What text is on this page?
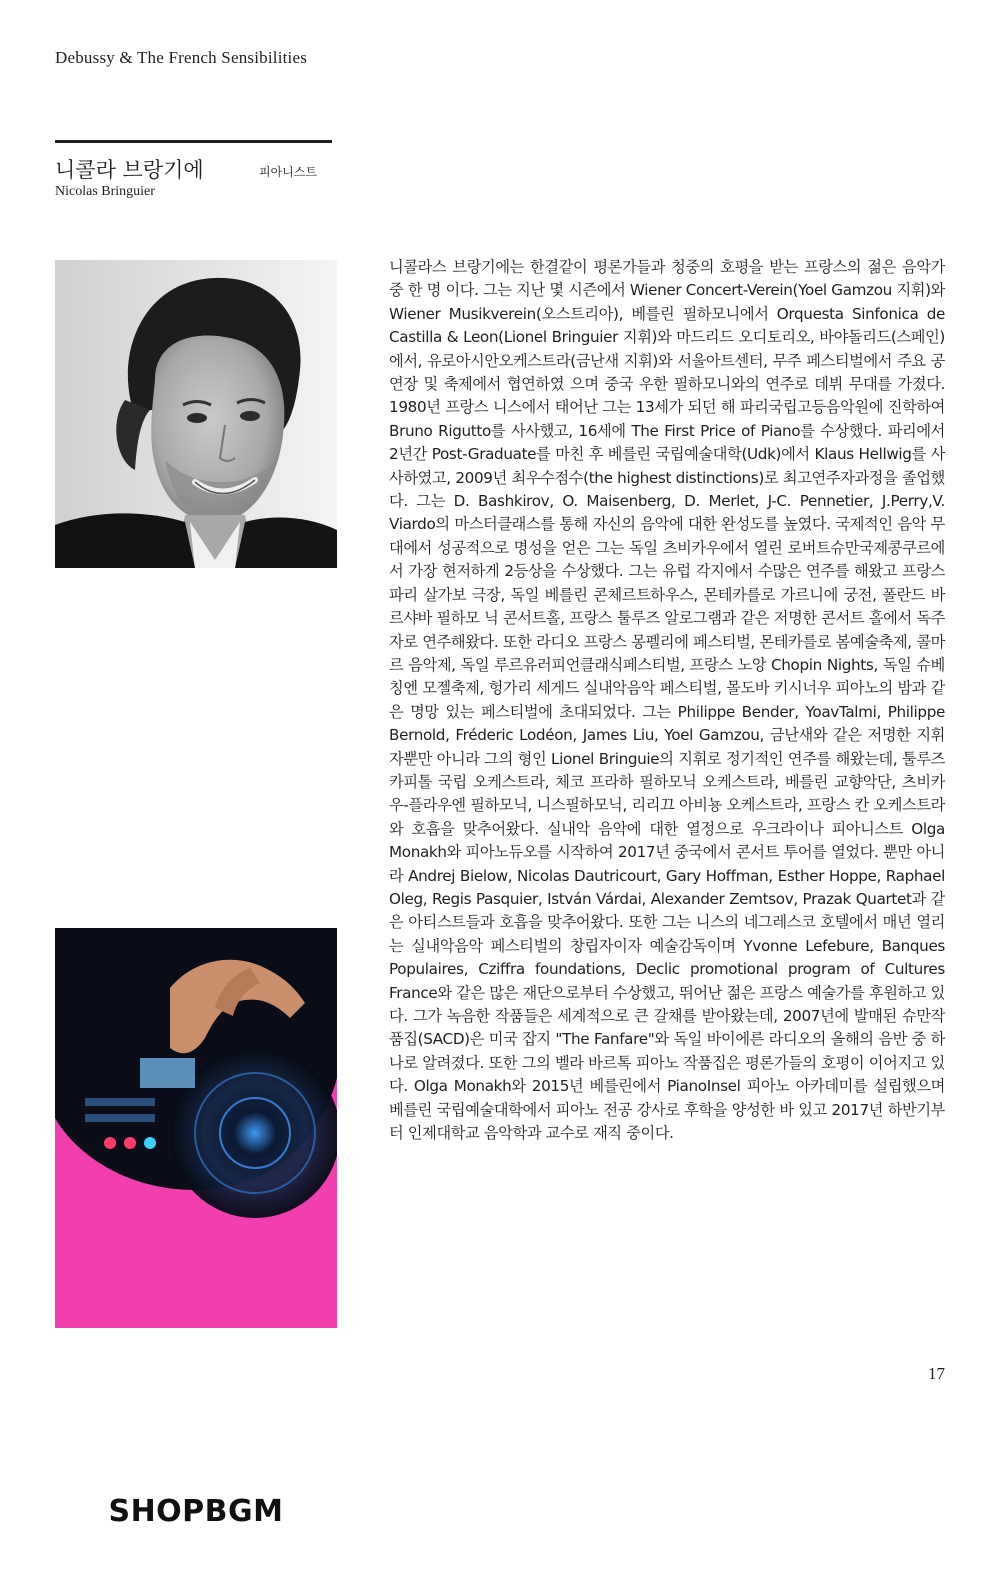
Debussy & The French Sensibilities
니콜라 브랑기에	피아니스트
Nicolas Bringuier
대한민국 대표 매장음악서비스
SHOPBGM
www.shopbgm.com
1588-4677

니콜라스 브랑기에는 한결같이 평론가들과 청중의 호평을 받는 프랑스의 젊은 음악가 중 한 명 이다. 그는 지난 몇 시즌에서 Wiener Concert-Verein(Yoel Gamzou 지휘)와 Wiener Musikverein(오스트리아), 베를린 필하모니에서 Orquesta Sinfonica de Castilla & Leon(Lionel Bringuier 지휘)와 마드리드 오디토리오, 바야돌리드(스페인)에서, 유로아시안오케스트라(금난새 지휘)와 서울아트센터, 무주 페스티벌에서 주요 공연장 및 축제에서 협연하였 으며 중국 우한 필하모니와의 연주로 데뷔 무대를 가졌다. 1980년 프랑스 니스에서 태어난 그는 13세가 되던 해 파리국립고등음악원에 진학하여 Bruno Rigutto를 사사했고, 16세에 The First Price of Piano를 수상했다. 파리에서 2년간 Post-Graduate를 마친 후 베를린 국립예술대학(Udk)에서 Klaus Hellwig를 사사하였고, 2009년 최우수점수(the highest distinctions)로 최고연주자과정을 졸업했다. 그는 D. Bashkirov, O. Maisenberg, D. Merlet, J-C. Pennetier, J.Perry,V. Viardo의 마스터클래스를 통해 자신의 음악에 대한 완성도를 높였다. 국제적인 음악 무대에서 성공적으로 명성을 얻은 그는 독일 츠비카우에서 열린 로버트슈만국제콩쿠르에서 가장 현저하게 2등상을 수상했다. 그는 유럽 각지에서 수많은 연주를 해왔고 프랑스 파리 살가보 극장, 독일 베를린 콘체르트하우스, 몬테카를로 가르니에 궁전, 폴란드 바르샤바 필하모 닉 콘서트홀, 프랑스 툴루즈 알로그램과 같은 저명한 콘서트 홀에서 독주자로 연주해왔다. 또한 라디오 프랑스 몽펠리에 페스티벌, 몬테카를로 봄예술축제, 콜마르 음악제, 독일 루르유러피언클래식페스티벌, 프랑스 노앙 Chopin Nights, 독일 슈베칭엔 모젤축제, 헝가리 세게드 실내악음악 페스티벌, 몰도바 키시너우 피아노의 밤과 같은 명망 있는 페스티벌에 초대되었다. 그는 Philippe Bender, YoavTalmi, Philippe Bernold, Fréderic Lodéon, James Liu, Yoel Gamzou, 금난새와 같은 저명한 지휘자뿐만 아니라 그의 형인 Lionel Bringuie의 지휘로 정기적인 연주를 해왔는데, 툴루즈 카피톨 국립 오케스트라, 체코 프라하 필하모닉 오케스트라, 베를린 교향악단, 츠비카우-플라우엔 필하모닉, 니스필하모닉, 리리끄 아비뇽 오케스트라, 프랑스 칸 오케스트라와 호흡을 맞추어왔다. 실내악 음악에 대한 열정으로 우크라이나 피아니스트 Olga Monakh와 피아노듀오를 시작하여 2017년 중국에서 콘서트 투어를 열었다. 뿐만 아니라 Andrej Bielow, Nicolas Dautricourt, Gary Hoffman, Esther Hoppe, Raphael Oleg, Regis Pasquier, István Várdai, Alexander Zemtsov, Prazak Quartet과 같은 아티스트들과 호흡을 맞추어왔다. 또한 그는 니스의 네그레스코 호텔에서 매년 열리는 실내악음악 페스티벌의 창립자이자 예술감독이며 Yvonne Lefebure, Banques Populaires, Cziffra foundations, Declic promotional program of Cultures France와 같은 많은 재단으로부터 수상했고, 뛰어난 젊은 프랑스 예술가를 후원하고 있다. 그가 녹음한 작품들은 세계적으로 큰 갈채를 받아왔는데, 2007년에 발매된 슈만작품집(SACD)은 미국 잡지 "The Fanfare"와 독일 바이에른 라디오의 올해의 음반 중 하나로 알려졌다. 또한 그의 벨라 바르톡 피아노 작품집은 평론가들의 호평이 이어지고 있다. Olga Monakh와 2015년 베를린에서 PianoInsel 피아노 아카데미를 설립했으며 베를린 국립예술대학에서 피아노 전공 강사로 후학을 양성한 바 있고 2017년 하반기부터 인제대학교 음악학과 교수로 재직 중이다.

17
